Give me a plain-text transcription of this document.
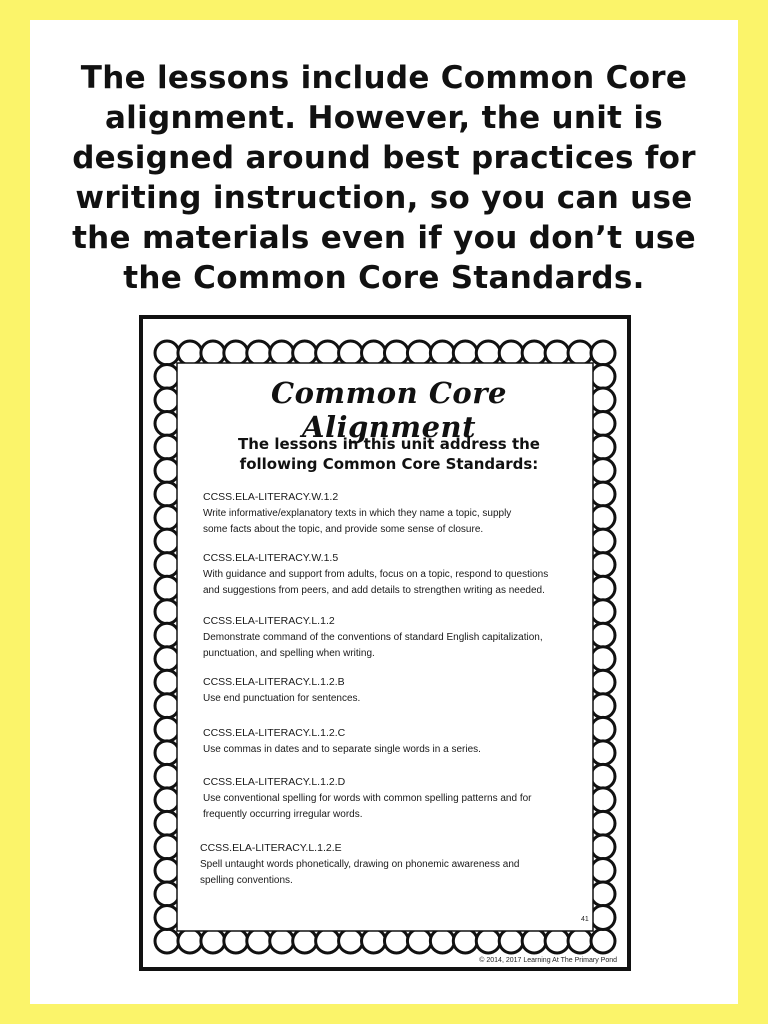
The lessons include Common Core
alignment. However, the unit is
designed around best practices for
writing instruction, so you can use
the materials even if you don’t use
the Common Core Standards.
Common Core Alignment
The lessons in this unit address the
following Common Core Standards:
CCSS.ELA-LITERACY.W.1.2
Write informative/explanatory texts in which they name a topic, supply
some facts about the topic, and provide some sense of closure.
CCSS.ELA-LITERACY.W.1.5
With guidance and support from adults, focus on a topic, respond to questions
and suggestions from peers, and add details to strengthen writing as needed.
CCSS.ELA-LITERACY.L.1.2
Demonstrate command of the conventions of standard English capitalization,
punctuation, and spelling when writing.
CCSS.ELA-LITERACY.L.1.2.B
Use end punctuation for sentences.
CCSS.ELA-LITERACY.L.1.2.C
Use commas in dates and to separate single words in a series.
CCSS.ELA-LITERACY.L.1.2.D
Use conventional spelling for words with common spelling patterns and for
frequently occurring irregular words.
CCSS.ELA-LITERACY.L.1.2.E
Spell untaught words phonetically, drawing on phonemic awareness and
spelling conventions.
41
© 2014, 2017 Learning At The Primary Pond
